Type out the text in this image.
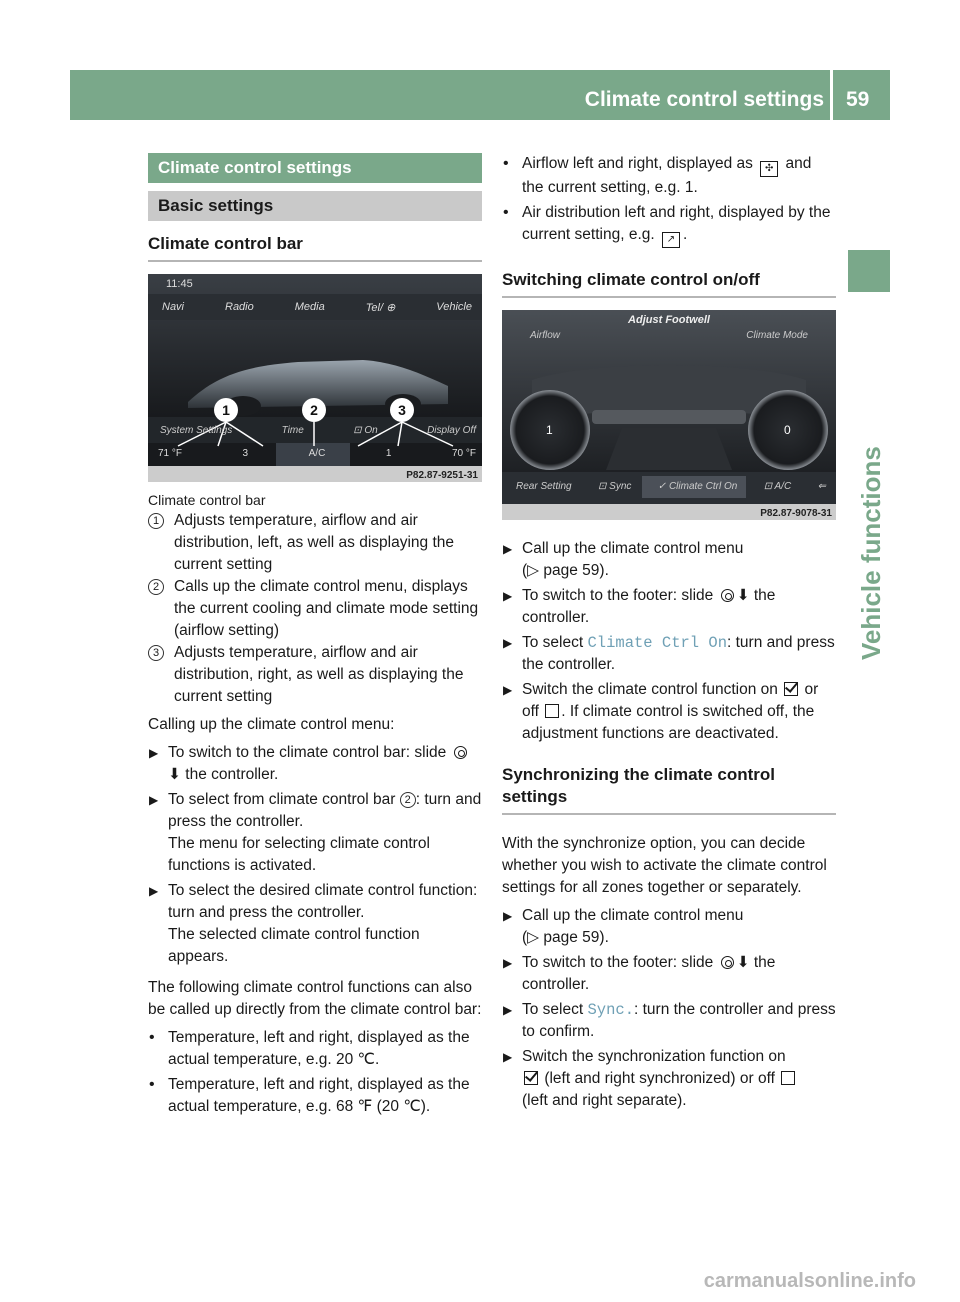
Climate control settings 59
Vehicle functions
Climate control settings
Basic settings
Climate control bar
11:45
Navi	Radio	Media	Tel/ ⊕	Vehicle
System Settings	Time	⊡ On	Display Off
71 °F	3	A/C	1	70 °F
1	2	3
P82.87-9251-31
Climate control bar
1 Adjusts temperature, airflow and air distribution, left, as well as displaying the current setting
2 Calls up the climate control menu, displays the current cooling and climate mode setting (airflow setting)
3 Adjusts temperature, airflow and air distribution, right, as well as displaying the current setting
Calling up the climate control menu:
▶ To switch to the climate control bar: slide ⬇ the controller.
▶ To select from climate control bar 2 : turn and press the controller.
The menu for selecting climate control functions is activated.
▶ To select the desired climate control function: turn and press the controller.
The selected climate control function appears.
The following climate control functions can also be called up directly from the climate control bar:
• Temperature, left and right, displayed as the actual temperature, e.g. 20 ℃.
• Temperature, left and right, displayed as the actual temperature, e.g. 68 ℉ (20 ℃).
• Airflow left and right, displayed as ✣ and the current setting, e.g. 1.
• Air distribution left and right, displayed by the current setting, e.g. ↗ .
Switching climate control on/off
Adjust Footwell
Airflow	Climate Mode
1	0
Rear Setting	⊡ Sync	✓ Climate Ctrl On	⊡ A/C	⇐
P82.87-9078-31
▶ Call up the climate control menu
(▷ page 59).
▶ To switch to the footer: slide ⬇ the controller.
▶ To select Climate Ctrl On: turn and press the controller.
▶ Switch the climate control function on or off . If climate control is switched off, the adjustment functions are deactivated.
Synchronizing the climate control settings
With the synchronize option, you can decide whether you wish to activate the climate control settings for all zones together or separately.
▶ Call up the climate control menu
(▷ page 59).
▶ To switch to the footer: slide ⬇ the controller.
▶ To select Sync.: turn the controller and press to confirm.
▶ Switch the synchronization function on
(left and right synchronized) or off
(left and right separate).
carmanualsonline.info
